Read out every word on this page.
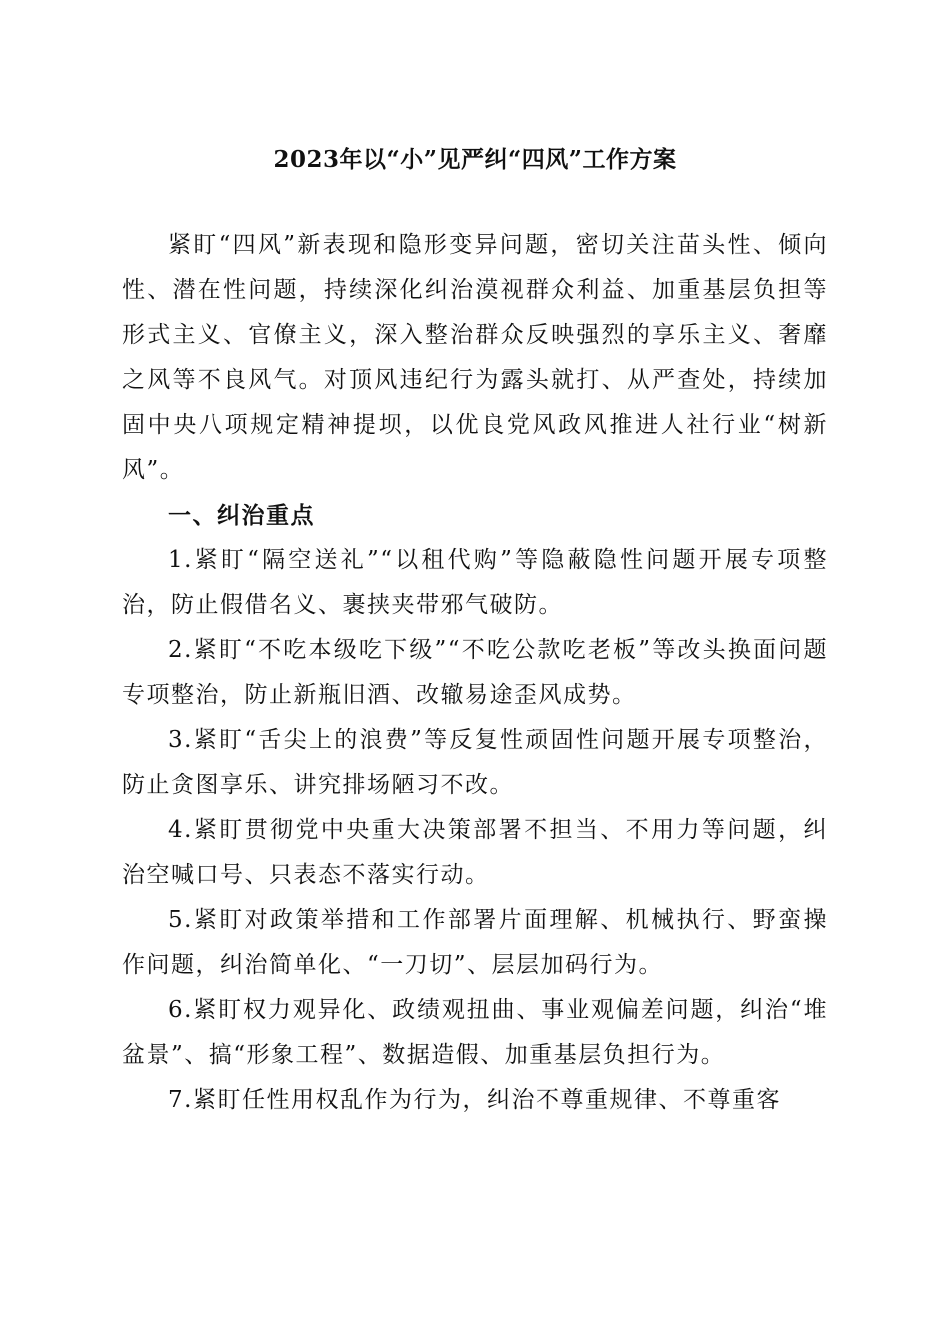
2023年以“小”见严纠“四风”工作方案

紧盯“四风”新表现和隐形变异问题，密切关注苗头性、倾向性、潜在性问题，持续深化纠治漠视群众利益、加重基层负担等形式主义、官僚主义，深入整治群众反映强烈的享乐主义、奢靡之风等不良风气。对顶风违纪行为露头就打、从严查处，持续加固中央八项规定精神提坝，以优良党风政风推进人社行业“树新风”。

一、纠治重点

1.紧盯“隔空送礼”“以租代购”等隐蔽隐性问题开展专项整治，防止假借名义、裹挟夹带邪气破防。

2.紧盯“不吃本级吃下级”“不吃公款吃老板”等改头换面问题专项整治，防止新瓶旧酒、改辙易途歪风成势。

3.紧盯“舌尖上的浪费”等反复性顽固性问题开展专项整治，防止贪图享乐、讲究排场陋习不改。

4.紧盯贯彻党中央重大决策部署不担当、不用力等问题，纠治空喊口号、只表态不落实行动。

5.紧盯对政策举措和工作部署片面理解、机械执行、野蛮操作问题，纠治简单化、“一刀切”、层层加码行为。

6.紧盯权力观异化、政绩观扭曲、事业观偏差问题，纠治“堆盆景”、搞“形象工程”、数据造假、加重基层负担行为。

7.紧盯任性用权乱作为行为，纠治不尊重规律、不尊重客
